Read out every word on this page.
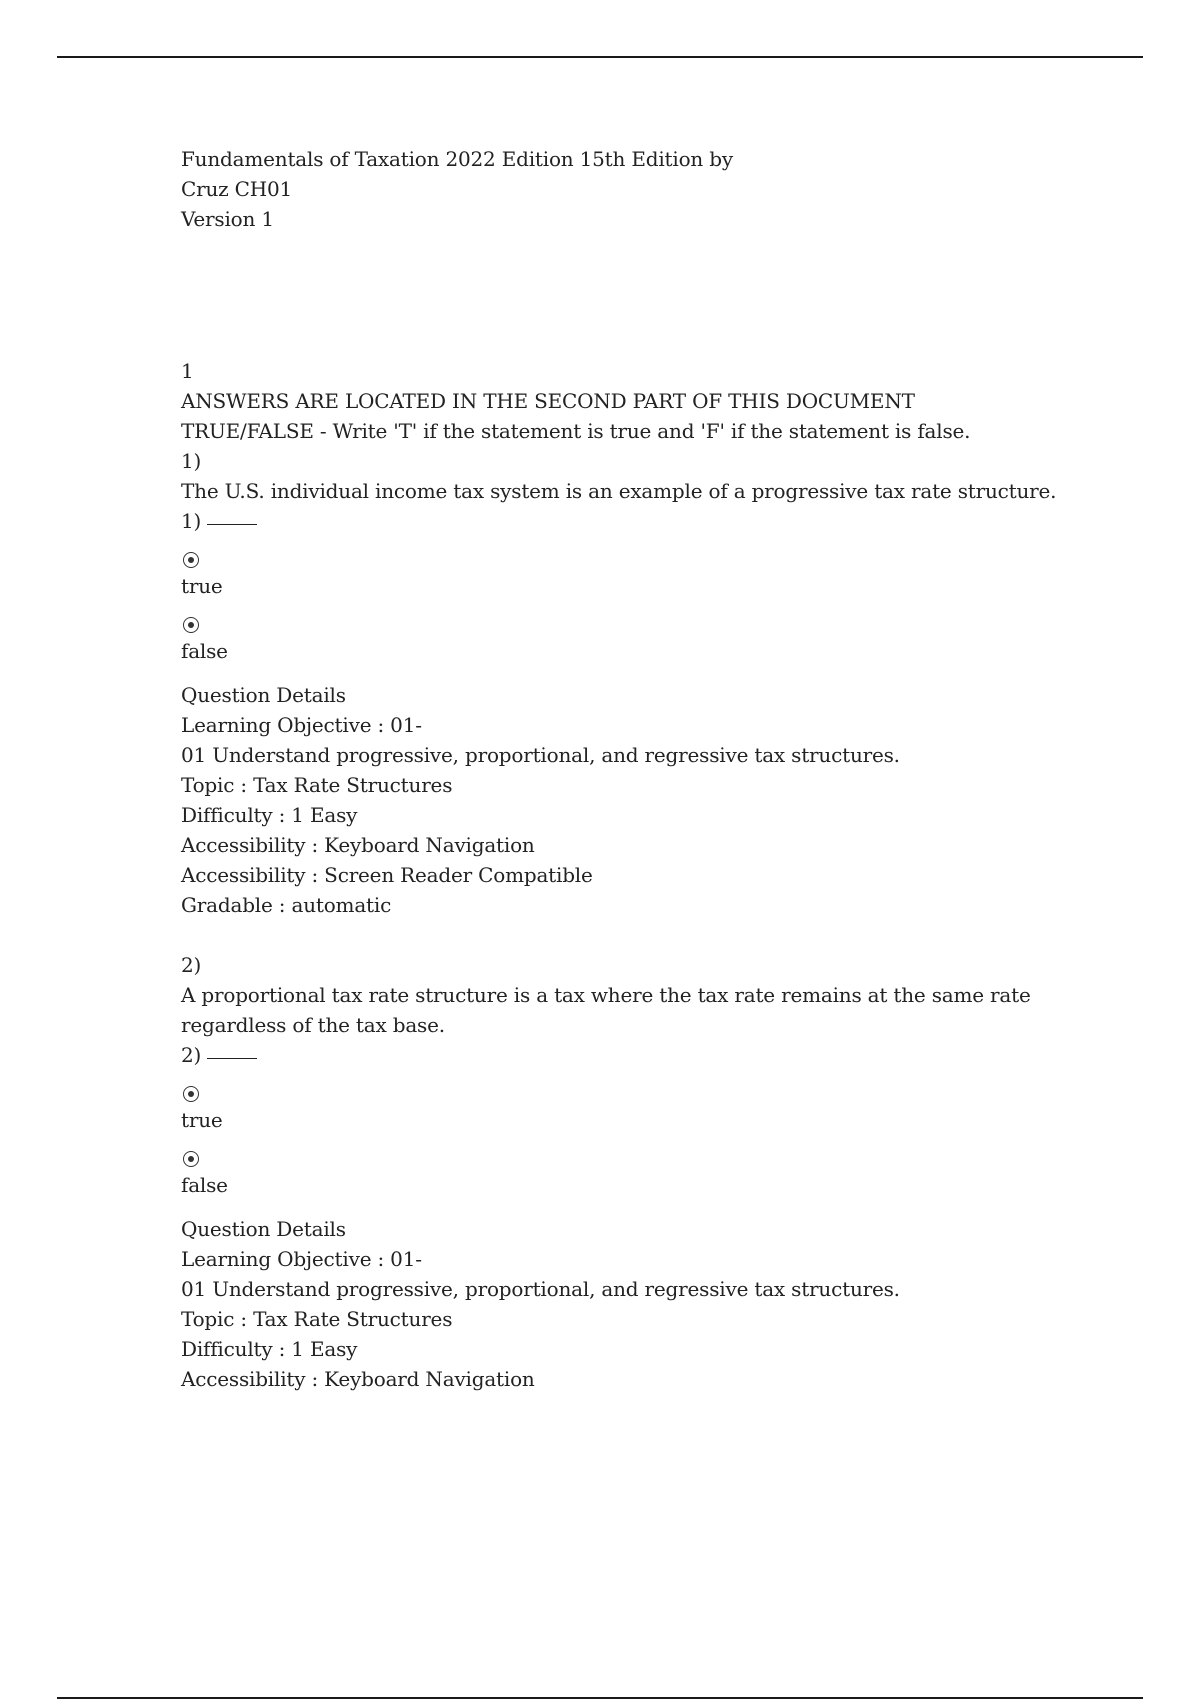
Fundamentals of Taxation 2022 Edition 15th Edition by
Cruz CH01
Version 1
1
ANSWERS ARE LOCATED IN THE SECOND PART OF THIS DOCUMENT
TRUE/FALSE - Write 'T' if the statement is true and 'F' if the statement is false.
1)
The U.S. individual income tax system is an example of a progressive tax rate structure.
1)
true
false
Question Details
Learning Objective : 01-
01 Understand progressive, proportional, and regressive tax structures.
Topic : Tax Rate Structures
Difficulty : 1 Easy
Accessibility : Keyboard Navigation
Accessibility : Screen Reader Compatible
Gradable : automatic
2)
A proportional tax rate structure is a tax where the tax rate remains at the same rate regardless of the tax base.
2)
true
false
Question Details
Learning Objective : 01-
01 Understand progressive, proportional, and regressive tax structures.
Topic : Tax Rate Structures
Difficulty : 1 Easy
Accessibility : Keyboard Navigation
